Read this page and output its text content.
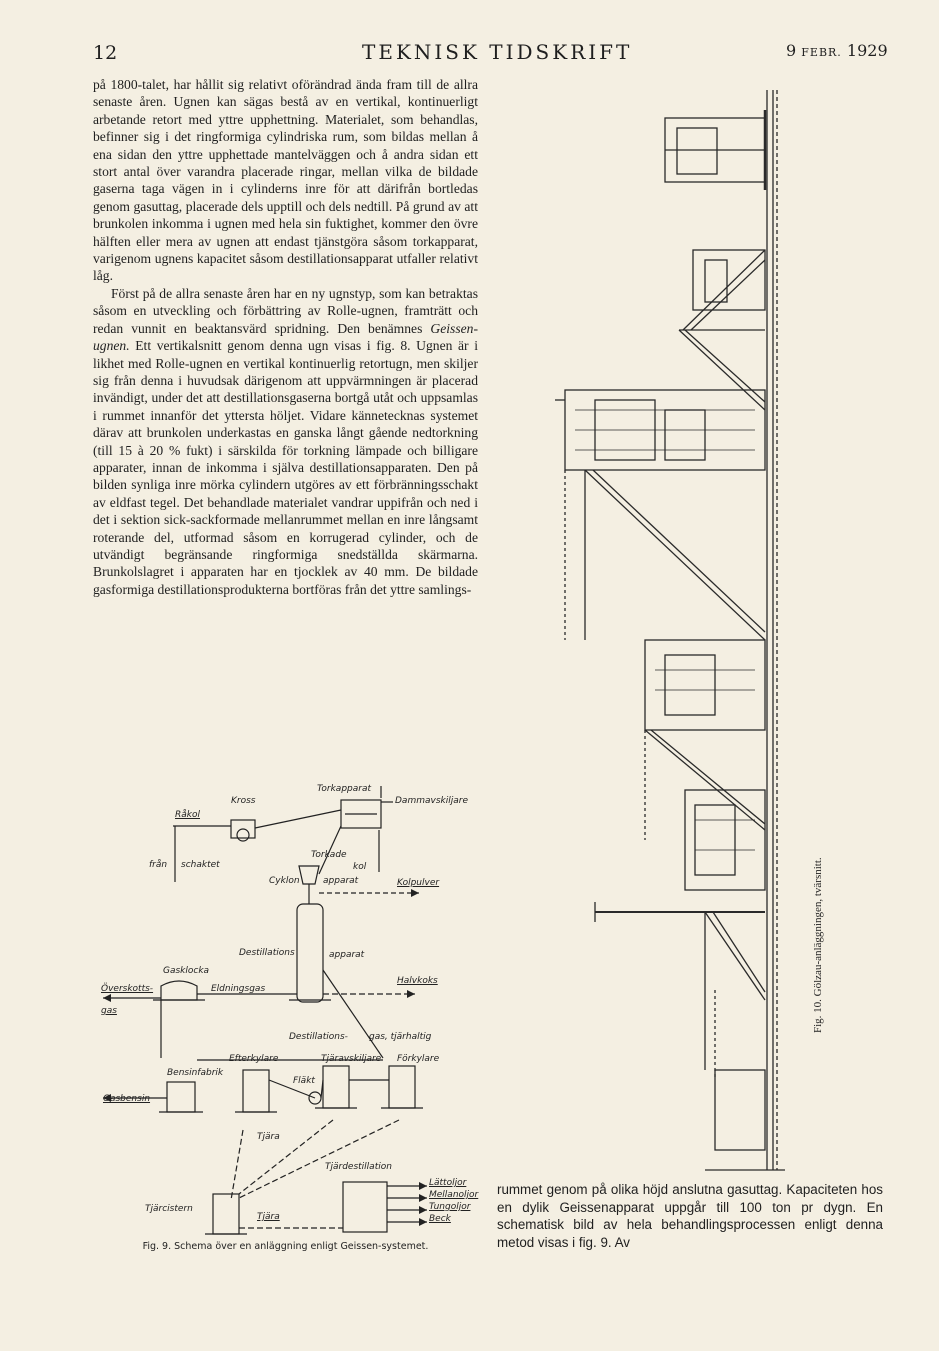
12	TEKNISK TIDSKRIFT	9 FEBR. 1929

på 1800-talet, har hållit sig relativt oförändrad ända fram till de allra senaste åren. Ugnen kan sägas bestå av en vertikal, kontinuerligt arbetande retort med yttre upphettning. Materialet, som behandlas, befinner sig i det ringformiga cylindriska rum, som bildas mellan å ena sidan den yttre upphettade mantelväggen och å andra sidan ett stort antal över varandra placerade ringar, mellan vilka de bildade gaserna taga vägen in i cylinderns inre för att därifrån bortledas genom gasuttag, placerade dels upptill och dels nedtill. På grund av att brunkolen inkomma i ugnen med hela sin fuktighet, kommer den övre hälften eller mera av ugnen att endast tjänstgöra såsom torkapparat, varigenom ugnens kapacitet såsom destillationsapparat utfaller relativt låg.

Först på de allra senaste åren har en ny ugnstyp, som kan betraktas såsom en utveckling och förbättring av Rolle-ugnen, framträtt och redan vunnit en beaktansvärd spridning. Den benämnes Geissen-ugnen. Ett vertikalsnitt genom denna ugn visas i fig. 8. Ugnen är i likhet med Rolle-ugnen en vertikal kontinuerlig retortugn, men skiljer sig från denna i huvudsak därigenom att uppvärmningen är placerad invändigt, under det att destillationsgaserna bortgå utåt och uppsamlas i rummet innanför det yttersta höljet. Vidare kännetecknas systemet därav att brunkolen underkastas en ganska långt gående nedtorkning (till 15 à 20 % fukt) i särskilda för torkning lämpade och billigare apparater, innan de inkomma i själva destillationsapparaten. Den på bilden synliga inre mörka cylindern utgöres av ett förbränningsschakt av eldfast tegel. Det behandlade materialet vandrar uppifrån och ned i det i sektion sick-sackformade mellanrummet mellan en inre långsamt roterande del, utformad såsom en korrugerad cylinder, och de utvändigt begränsande ringformiga snedställda skärmarna. Brunkolslagret i apparaten har en tjocklek av 40 mm. De bildade gasformiga destillationsprodukterna bortföras från det yttre samlings-

Torkapparat
Kross	Dammavskiljare
Råkol
från schaktet
Torkade
kol
Cyklon	apparat	Kolpulver
Destillations	apparat
Gasklocka
Halvkoks
Överskotts-
gas
Eldningsgas
Destillations- gas, tjärhaltig
Efterkylare	Tjäravskiljare Förkylare
Bensinfabrik
Fläkt
Gasbensin
Tjära
Tjärdestillation
Lättoljor
Mellanoljor
Tungoljor
Beck
Tjärcistern
Tjära
Fig. 9. Schema över en anläggning enligt Geissen-systemet.
Fig. 10. Gölzau-anläggningen, tvärsnitt.

rummet genom på olika höjd anslutna gasuttag. Kapaciteten hos en dylik Geissenapparat uppgår till 100 ton pr dygn. En schematisk bild av hela behandlingsprocessen enligt denna metod visas i fig. 9. Av
